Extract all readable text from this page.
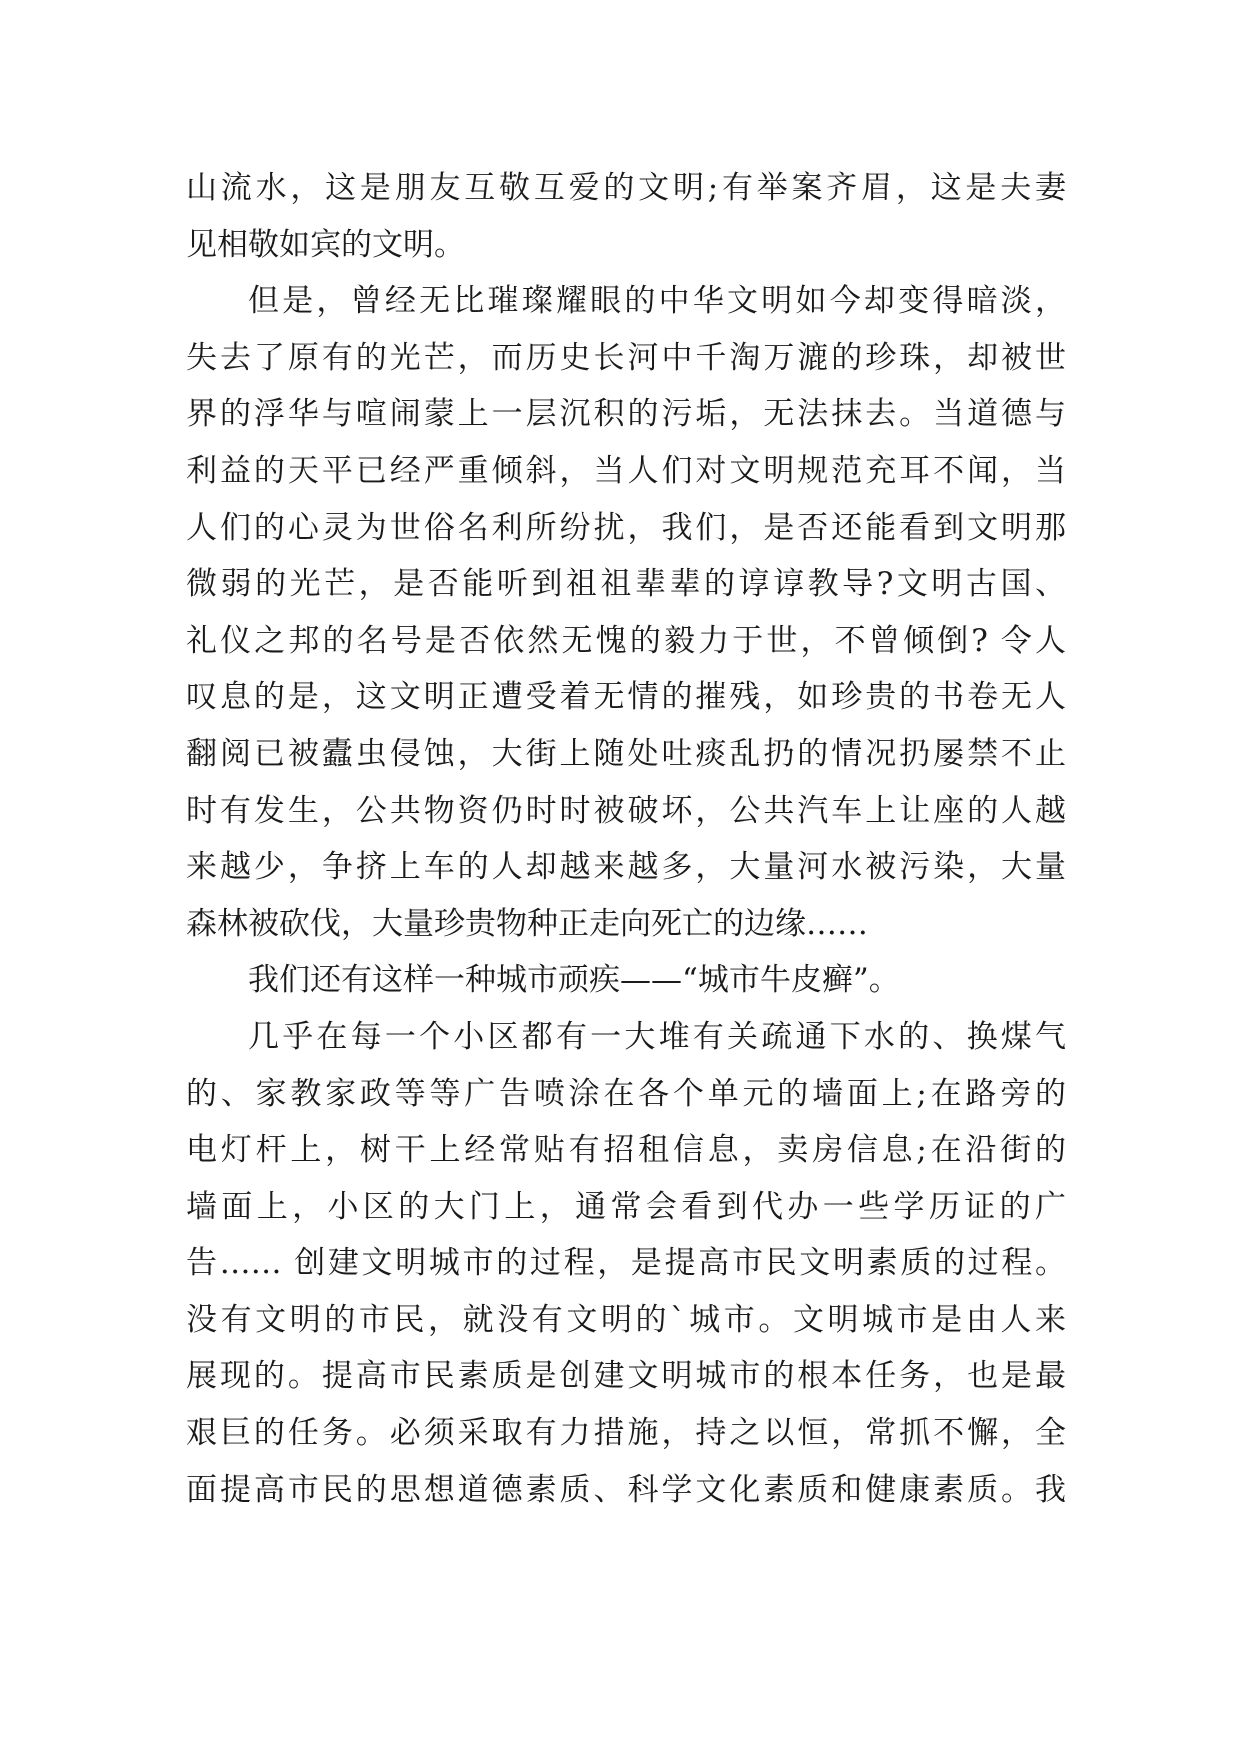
山流水，这是朋友互敬互爱的文明;有举案齐眉，这是夫妻
见相敬如宾的文明。
但是，曾经无比璀璨耀眼的中华文明如今却变得暗淡，
失去了原有的光芒，而历史长河中千淘万漉的珍珠，却被世
界的浮华与喧闹蒙上一层沉积的污垢，无法抹去。当道德与
利益的天平已经严重倾斜，当人们对文明规范充耳不闻，当
人们的心灵为世俗名利所纷扰，我们，是否还能看到文明那
微弱的光芒，是否能听到祖祖辈辈的谆谆教导?文明古国、
礼仪之邦的名号是否依然无愧的毅力于世，不曾倾倒? 令人
叹息的是，这文明正遭受着无情的摧残，如珍贵的书卷无人
翻阅已被蠹虫侵蚀，大街上随处吐痰乱扔的情况扔屡禁不止
时有发生，公共物资仍时时被破坏，公共汽车上让座的人越
来越少，争挤上车的人却越来越多，大量河水被污染，大量
森林被砍伐，大量珍贵物种正走向死亡的边缘……
我们还有这样一种城市顽疾——“城市牛皮癣”。
几乎在每一个小区都有一大堆有关疏通下水的、换煤气
的、家教家政等等广告喷涂在各个单元的墙面上;在路旁的
电灯杆上，树干上经常贴有招租信息，卖房信息;在沿街的
墙面上，小区的大门上，通常会看到代办一些学历证的广
告…… 创建文明城市的过程，是提高市民文明素质的过程。
没有文明的市民，就没有文明的`城市。文明城市是由人来
展现的。提高市民素质是创建文明城市的根本任务，也是最
艰巨的任务。必须采取有力措施，持之以恒，常抓不懈，全
面提高市民的思想道德素质、科学文化素质和健康素质。我
